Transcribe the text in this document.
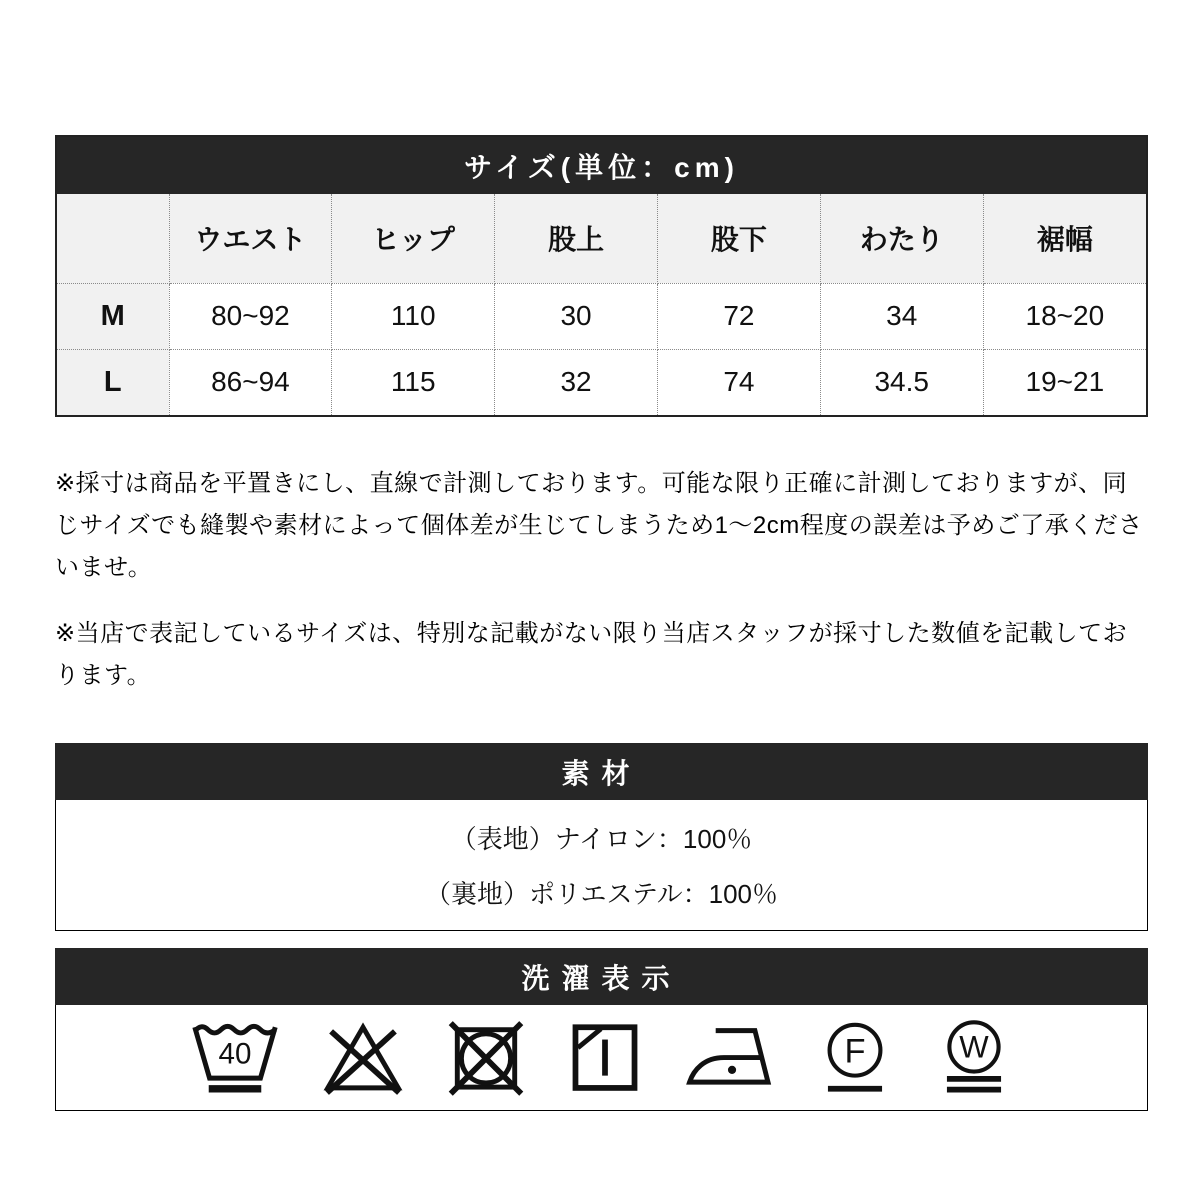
サイズ(単位：cm)
	ウエスト	ヒップ	股上	股下	わたり	裾幅
M	80~92	110	30	72	34	18~20
L	86~94	115	32	74	34.5	19~21

※採寸は商品を平置きにし、直線で計測しております。可能な限り正確に計測しておりますが、同じサイズでも縫製や素材によって個体差が生じてしまうため1〜2cm程度の誤差は予めご了承くださいませ。

※当店で表記しているサイズは、特別な記載がない限り当店スタッフが採寸した数値を記載しております。

素材
（表地）ナイロン：100％
（裏地）ポリエステル：100％
洗濯表示
40	F W
